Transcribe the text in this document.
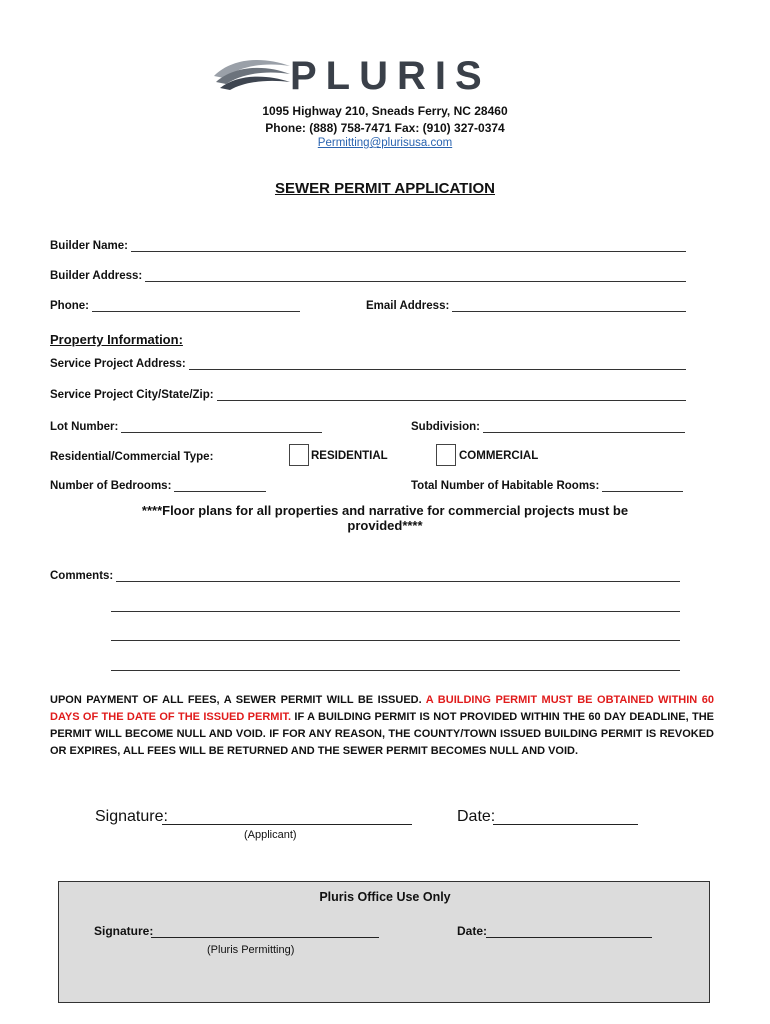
PLURIS
1095 Highway 210, Sneads Ferry, NC 28460
Phone: (888) 758-7471 Fax: (910) 327-0374
Permitting@plurisusa.com
SEWER PERMIT APPLICATION
Builder Name:
Builder Address:
Phone:	Email Address:
Property Information:
Service Project Address:
Service Project City/State/Zip:
Lot Number:	Subdivision:
Residential/Commercial Type:	RESIDENTIAL	COMMERCIAL
Number of Bedrooms:	Total Number of Habitable Rooms:
****Floor plans for all properties and narrative for commercial projects must be provided****
Comments:
UPON PAYMENT OF ALL FEES, A SEWER PERMIT WILL BE ISSUED. A BUILDING PERMIT MUST BE OBTAINED WITHIN 60 DAYS OF THE DATE OF THE ISSUED PERMIT. IF A BUILDING PERMIT IS NOT PROVIDED WITHIN THE 60 DAY DEADLINE, THE PERMIT WILL BECOME NULL AND VOID. IF FOR ANY REASON, THE COUNTY/TOWN ISSUED BUILDING PERMIT IS REVOKED OR EXPIRES, ALL FEES WILL BE RETURNED AND THE SEWER PERMIT BECOMES NULL AND VOID.
Signature:
(Applicant)
Date:
Pluris Office Use Only
Signature:
(Pluris Permitting)
Date:
